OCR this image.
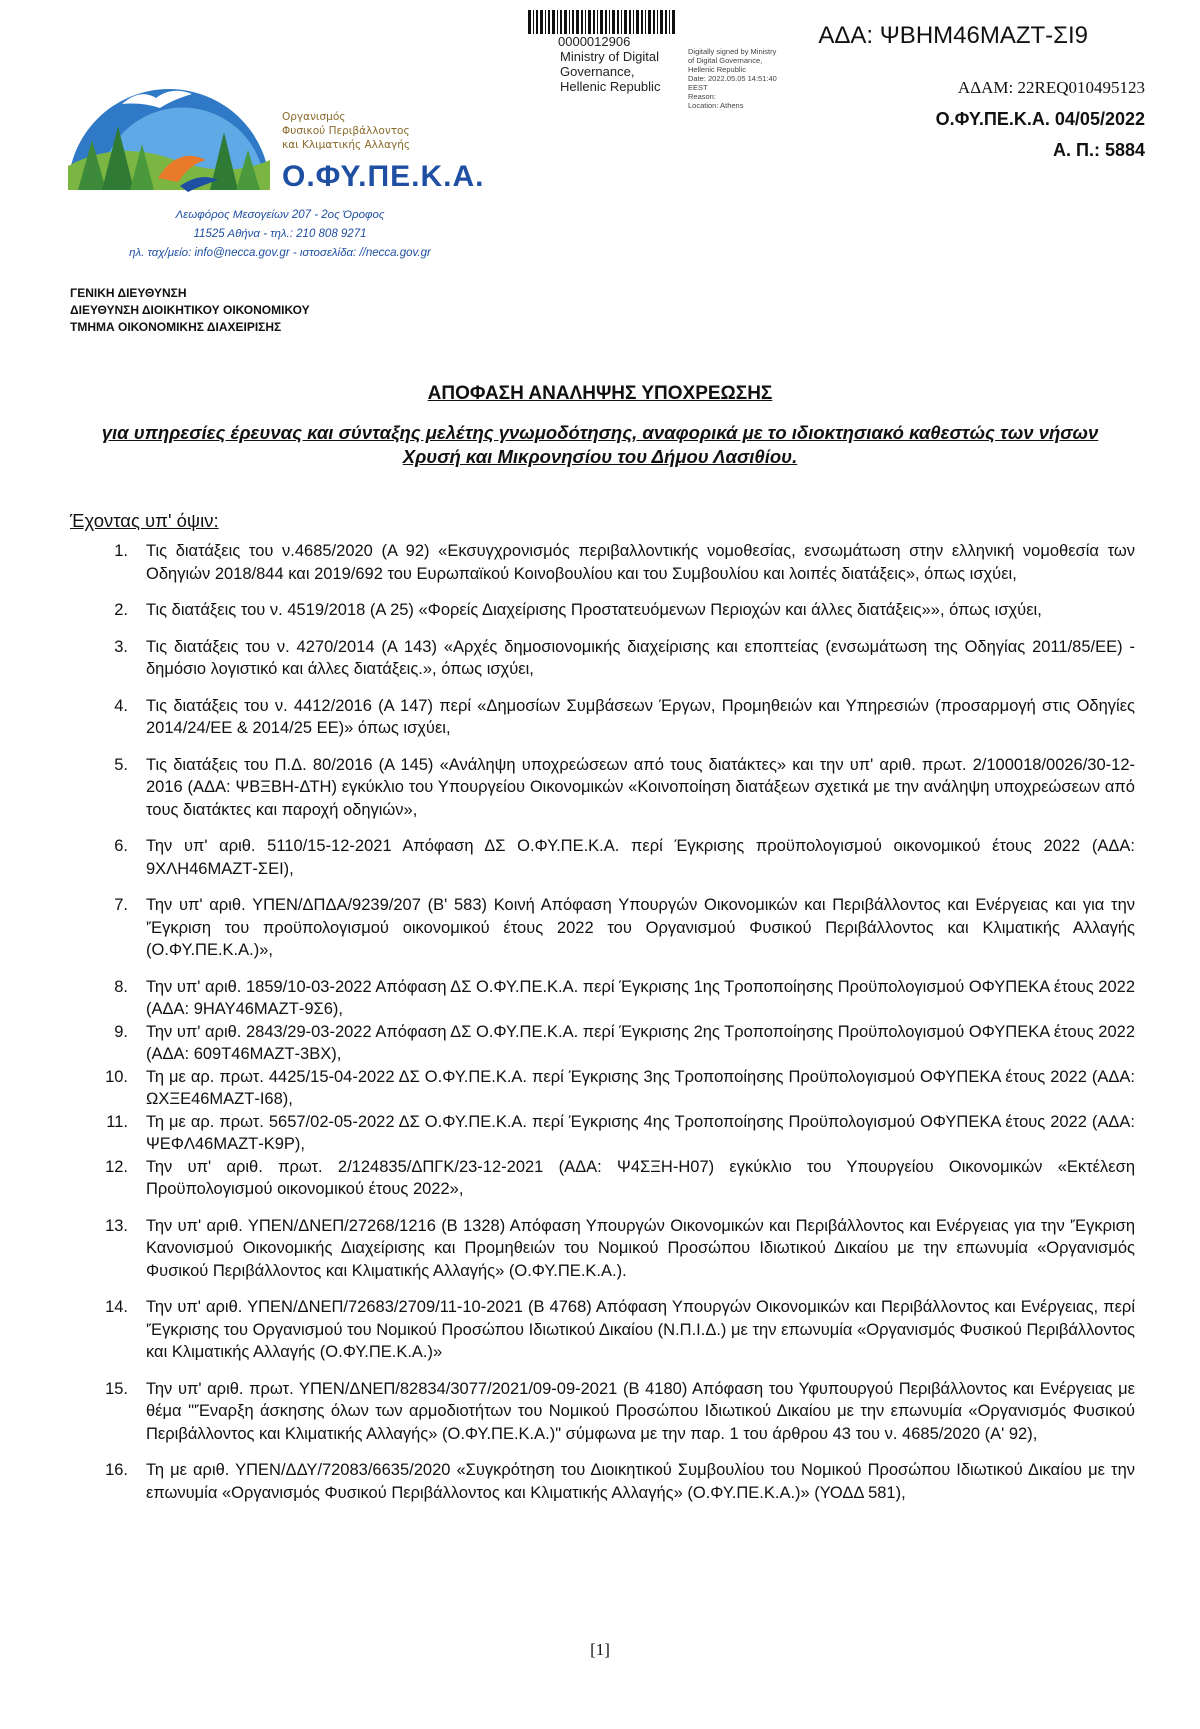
Οργανισμός
Φυσικού Περιβάλλοντος
και Κλιματικής Αλλαγής
Ο.ΦΥ.ΠΕ.Κ.Α.
Λεωφόρος Μεσογείων 207 - 2ος Όροφος
11525 Αθήνα - τηλ.: 210 808 9271
ηλ. ταχ/μείο: info@necca.gov.gr - ιστοσελίδα: //necca.gov.gr
0000012906
Ministry of Digital
Governance,
Hellenic Republic
Digitally signed by Ministry
of Digital Governance,
Hellenic Republic
Date: 2022.05.05 14:51:40
EEST
Reason:
Location: Athens
ΑΔΑ: ΨΒΗΜ46ΜΑΖΤ-ΣΙ9
ΑΔΑΜ: 22REQ010495123
Ο.ΦΥ.ΠΕ.Κ.Α. 04/05/2022
Α. Π.: 5884
ΓΕΝΙΚΗ ΔΙΕΥΘΥΝΣΗ
ΔΙΕΥΘΥΝΣΗ ΔΙΟΙΚΗΤΙΚΟΥ ΟΙΚΟΝΟΜΙΚΟΥ
ΤΜΗΜΑ ΟΙΚΟΝΟΜΙΚΗΣ ΔΙΑΧΕΙΡΙΣΗΣ
ΑΠΟΦΑΣΗ ΑΝΑΛΗΨΗΣ ΥΠΟΧΡΕΩΣΗΣ
για υπηρεσίες έρευνας και σύνταξης μελέτης γνωμοδότησης, αναφορικά με το ιδιοκτησιακό καθεστώς των νήσων Χρυσή και Μικρονησίου του Δήμου Λασιθίου.
Έχοντας υπ' όψιν:
1.	Τις διατάξεις του ν.4685/2020 (Α 92) «Εκσυγχρονισμός περιβαλλοντικής νομοθεσίας, ενσωμάτωση στην ελληνική νομοθεσία των Οδηγιών 2018/844 και 2019/692 του Ευρωπαϊκού Κοινοβουλίου και του Συμβουλίου και λοιπές διατάξεις», όπως ισχύει,
2.	Τις διατάξεις του ν. 4519/2018 (Α 25) «Φορείς Διαχείρισης Προστατευόμενων Περιοχών και άλλες διατάξεις»», όπως ισχύει,
3.	Τις διατάξεις του ν. 4270/2014 (Α 143) «Αρχές δημοσιονομικής διαχείρισης και εποπτείας (ενσωμάτωση της Οδηγίας 2011/85/ΕΕ) - δημόσιο λογιστικό και άλλες διατάξεις.», όπως ισχύει,
4.	Τις διατάξεις του ν. 4412/2016 (Α 147) περί «Δημοσίων Συμβάσεων Έργων, Προμηθειών και Υπηρεσιών (προσαρμογή στις Οδηγίες 2014/24/ΕΕ & 2014/25 ΕΕ)» όπως ισχύει,
5.	Τις διατάξεις του Π.Δ. 80/2016 (Α 145) «Ανάληψη υποχρεώσεων από τους διατάκτες» και την υπ' αριθ. πρωτ. 2/100018/0026/30-12-2016 (ΑΔΑ: ΨΒΞΒΗ-ΔΤΗ) εγκύκλιο του Υπουργείου Οικονομικών «Κοινοποίηση διατάξεων σχετικά με την ανάληψη υποχρεώσεων από τους διατάκτες και παροχή οδηγιών»,
6.	Την υπ' αριθ. 5110/15-12-2021 Απόφαση ΔΣ Ο.ΦΥ.ΠΕ.Κ.Α. περί Έγκρισης προϋπολογισμού οικονομικού έτους 2022 (ΑΔΑ: 9ΧΛΗ46ΜΑΖΤ-ΣΕΙ),
7.	Την υπ' αριθ. ΥΠΕΝ/ΔΠΔΑ/9239/207 (Β' 583) Κοινή Απόφαση Υπουργών Οικονομικών και Περιβάλλοντος και Ενέργειας και για την 'Έγκριση του προϋπολογισμού οικονομικού έτους 2022 του Οργανισμού Φυσικού Περιβάλλοντος και Κλιματικής Αλλαγής (Ο.ΦΥ.ΠΕ.Κ.Α.)»,
8.	Την υπ' αριθ. 1859/10-03-2022 Απόφαση ΔΣ Ο.ΦΥ.ΠΕ.Κ.Α. περί Έγκρισης 1ης Τροποποίησης Προϋπολογισμού ΟΦΥΠΕΚΑ έτους 2022 (ΑΔΑ: 9ΗΑΥ46ΜΑΖΤ-9Σ6),
9.	Την υπ' αριθ. 2843/29-03-2022 Απόφαση ΔΣ Ο.ΦΥ.ΠΕ.Κ.Α. περί Έγκρισης 2ης Τροποποίησης Προϋπολογισμού ΟΦΥΠΕΚΑ έτους 2022 (ΑΔΑ: 609Τ46ΜΑΖΤ-3ΒΧ),
10.	Τη με αρ. πρωτ. 4425/15-04-2022 ΔΣ Ο.ΦΥ.ΠΕ.Κ.Α. περί Έγκρισης 3ης Τροποποίησης Προϋπολογισμού ΟΦΥΠΕΚΑ έτους 2022 (ΑΔΑ: ΩΧΞΕ46ΜΑΖΤ-Ι68),
11.	Τη με αρ. πρωτ. 5657/02-05-2022 ΔΣ Ο.ΦΥ.ΠΕ.Κ.Α. περί Έγκρισης 4ης Τροποποίησης Προϋπολογισμού ΟΦΥΠΕΚΑ έτους 2022 (ΑΔΑ: ΨΕΦΛ46ΜΑΖΤ-Κ9Ρ),
12.	Την υπ' αριθ. πρωτ. 2/124835/ΔΠΓΚ/23-12-2021 (ΑΔΑ: Ψ4ΣΞΗ-Η07) εγκύκλιο του Υπουργείου Οικονομικών «Εκτέλεση Προϋπολογισμού οικονομικού έτους 2022»,
13.	Την υπ' αριθ. ΥΠΕΝ/ΔΝΕΠ/27268/1216 (Β 1328) Απόφαση Υπουργών Οικονομικών και Περιβάλλοντος και Ενέργειας για την 'Έγκριση Κανονισμού Οικονομικής Διαχείρισης και Προμηθειών του Νομικού Προσώπου Ιδιωτικού Δικαίου με την επωνυμία «Οργανισμός Φυσικού Περιβάλλοντος και Κλιματικής Αλλαγής» (Ο.ΦΥ.ΠΕ.Κ.Α.).
14.	Την υπ' αριθ. ΥΠΕΝ/ΔΝΕΠ/72683/2709/11-10-2021 (Β 4768) Απόφαση Υπουργών Οικονομικών και Περιβάλλοντος και Ενέργειας, περί 'Έγκρισης του Οργανισμού του Νομικού Προσώπου Ιδιωτικού Δικαίου (Ν.Π.Ι.Δ.) με την επωνυμία «Οργανισμός Φυσικού Περιβάλλοντος και Κλιματικής Αλλαγής (Ο.ΦΥ.ΠΕ.Κ.Α.)»
15.	Την υπ' αριθ. πρωτ. ΥΠΕΝ/ΔΝΕΠ/82834/3077/2021/09-09-2021 (Β 4180) Απόφαση του Υφυπουργού Περιβάλλοντος και Ενέργειας με θέμα '"Έναρξη άσκησης όλων των αρμοδιοτήτων του Νομικού Προσώπου Ιδιωτικού Δικαίου με την επωνυμία «Οργανισμός Φυσικού Περιβάλλοντος και Κλιματικής Αλλαγής» (Ο.ΦΥ.ΠΕ.Κ.Α.)" σύμφωνα με την παρ. 1 του άρθρου 43 του ν. 4685/2020 (Α' 92),
16.	Τη με αριθ. ΥΠΕΝ/ΔΔΥ/72083/6635/2020 «Συγκρότηση του Διοικητικού Συμβουλίου του Νομικού Προσώπου Ιδιωτικού Δικαίου με την επωνυμία «Οργανισμός Φυσικού Περιβάλλοντος και Κλιματικής Αλλαγής» (Ο.ΦΥ.ΠΕ.Κ.Α.)» (ΥΟΔΔ 581),
[1]
